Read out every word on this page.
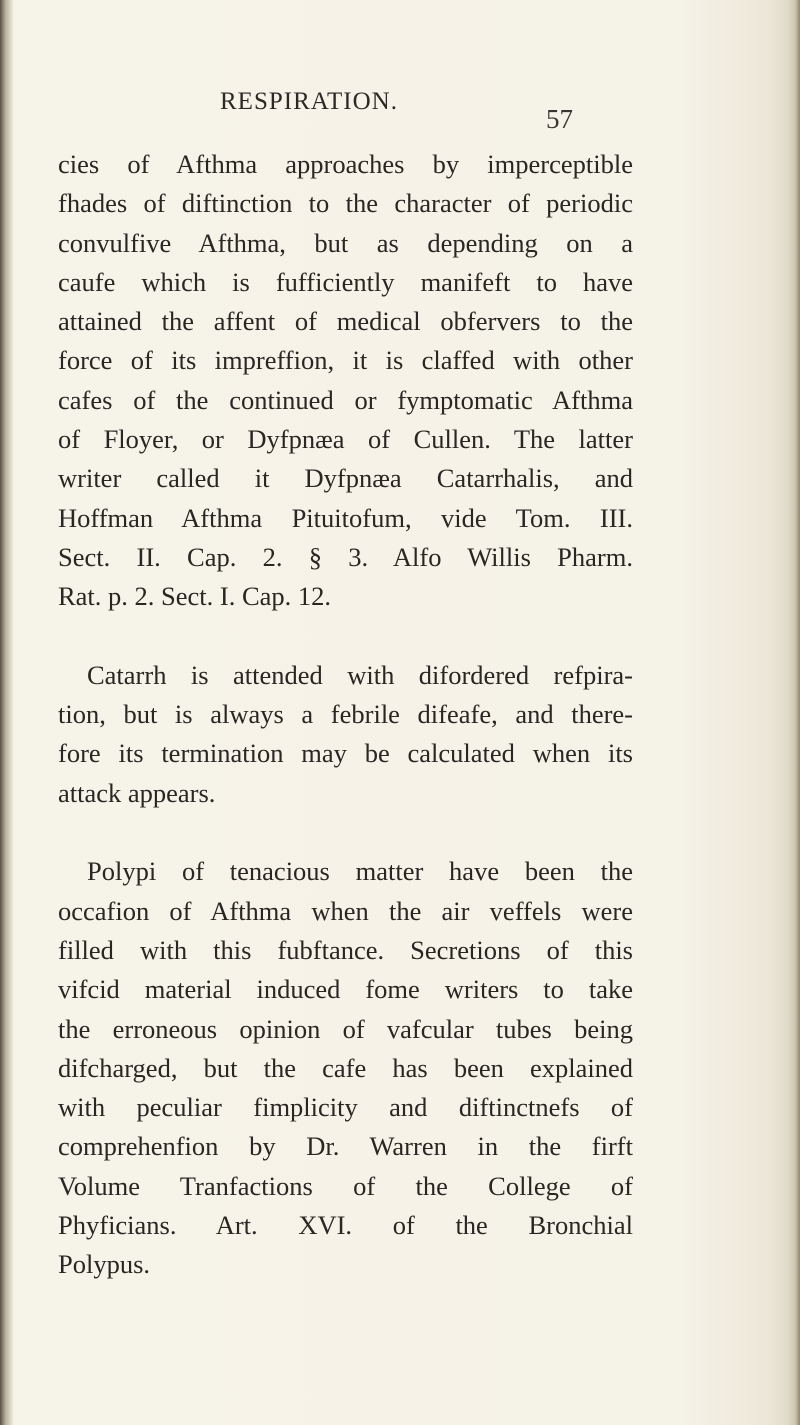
RESPIRATION.
57

cies of Afthma approaches by imperceptible
fhades of diftinction to the character of periodic
convulfive Afthma, but as depending on a
caufe which is fufficiently manifeft to have
attained the affent of medical obfervers to the
force of its impreffion, it is claffed with other
cafes of the continued or fymptomatic Afthma
of Floyer, or Dyfpnæa of Cullen. The latter
writer called it Dyfpnæa Catarrhalis, and
Hoffman Afthma Pituitofum, vide Tom. III.
Sect. II. Cap. 2. § 3. Alfo Willis Pharm.
Rat. p. 2. Sect. I. Cap. 12.

Catarrh is attended with difordered refpira-
tion, but is always a febrile difeafe, and there-
fore its termination may be calculated when its
attack appears.

Polypi of tenacious matter have been the
occafion of Afthma when the air veffels were
filled with this fubftance. Secretions of this
vifcid material induced fome writers to take
the erroneous opinion of vafcular tubes being
difcharged, but the cafe has been explained
with peculiar fimplicity and diftinctnefs of
comprehenfion by Dr. Warren in the firft
Volume Tranfactions of the College of
Phyficians. Art. XVI. of the Bronchial
Polypus.
